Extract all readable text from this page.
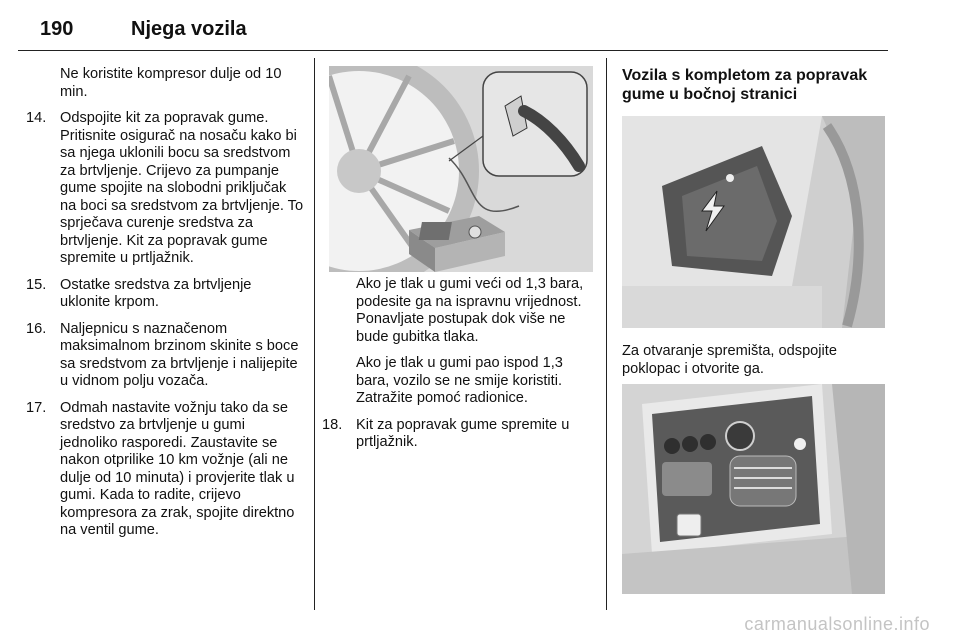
190	Njega vozila
Ne koristite kompresor dulje od 10 min.
14. Odspojite kit za popravak gume. Pritisnite osigurač na nosaču kako bi sa njega uklonili bocu sa sredstvom za brtvljenje. Crijevo za pumpanje gume spojite na slobodni priključak na boci sa sredstvom za brtvljenje. To sprječava curenje sredstva za brtvljenje. Kit za popravak gume spremite u prtljažnik.
15. Ostatke sredstva za brtvljenje uklonite krpom.
16. Naljepnicu s naznačenom maksimalnom brzinom skinite s boce sa sredstvom za brtvljenje i nalijepite u vidnom polju vozača.
17. Odmah nastavite vožnju tako da se sredstvo za brtvljenje u gumi jednoliko rasporedi. Zaustavite se nakon otprilike 10 km vožnje (ali ne dulje od 10 minuta) i provjerite tlak u gumi. Kada to radite, crijevo kompresora za zrak, spojite direktno na ventil gume.
Ako je tlak u gumi veći od 1,3 bara, podesite ga na ispravnu vrijednost. Ponavljate postupak dok više ne bude gubitka tlaka.
Ako je tlak u gumi pao ispod 1,3 bara, vozilo se ne smije koristiti. Zatražite pomoć radionice.
18. Kit za popravak gume spremite u prtljažnik.
Vozila s kompletom za popravak gume u bočnoj stranici
Za otvaranje spremišta, odspojite poklopac i otvorite ga.
carmanualsonline.info
